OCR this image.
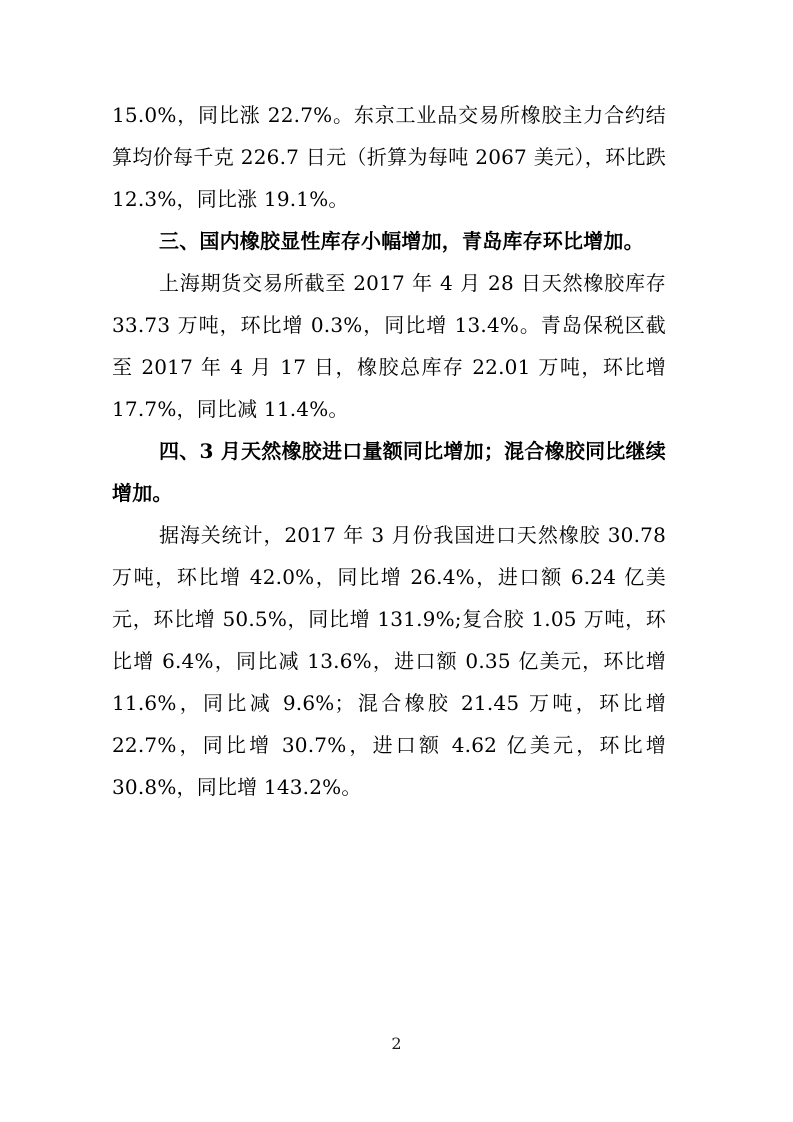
15.0%，同比涨 22.7%。东京工业品交易所橡胶主力合约结算均价每千克 226.7 日元（折算为每吨 2067 美元），环比跌 12.3%，同比涨 19.1%。

三、国内橡胶显性库存小幅增加，青岛库存环比增加。

上海期货交易所截至 2017 年 4 月 28 日天然橡胶库存 33.73 万吨，环比增 0.3%，同比增 13.4%。青岛保税区截至 2017 年 4 月 17 日，橡胶总库存 22.01 万吨，环比增 17.7%，同比减 11.4%。

四、3 月天然橡胶进口量额同比增加；混合橡胶同比继续增加。

据海关统计，2017 年 3 月份我国进口天然橡胶 30.78 万吨，环比增 42.0%，同比增 26.4%，进口额 6.24 亿美元，环比增 50.5%，同比增 131.9%;复合胶 1.05 万吨，环比增 6.4%，同比减 13.6%，进口额 0.35 亿美元，环比增 11.6%，同比减 9.6%；混合橡胶 21.45 万吨，环比增 22.7%，同比增 30.7%，进口额 4.62 亿美元，环比增 30.8%，同比增 143.2%。

2
